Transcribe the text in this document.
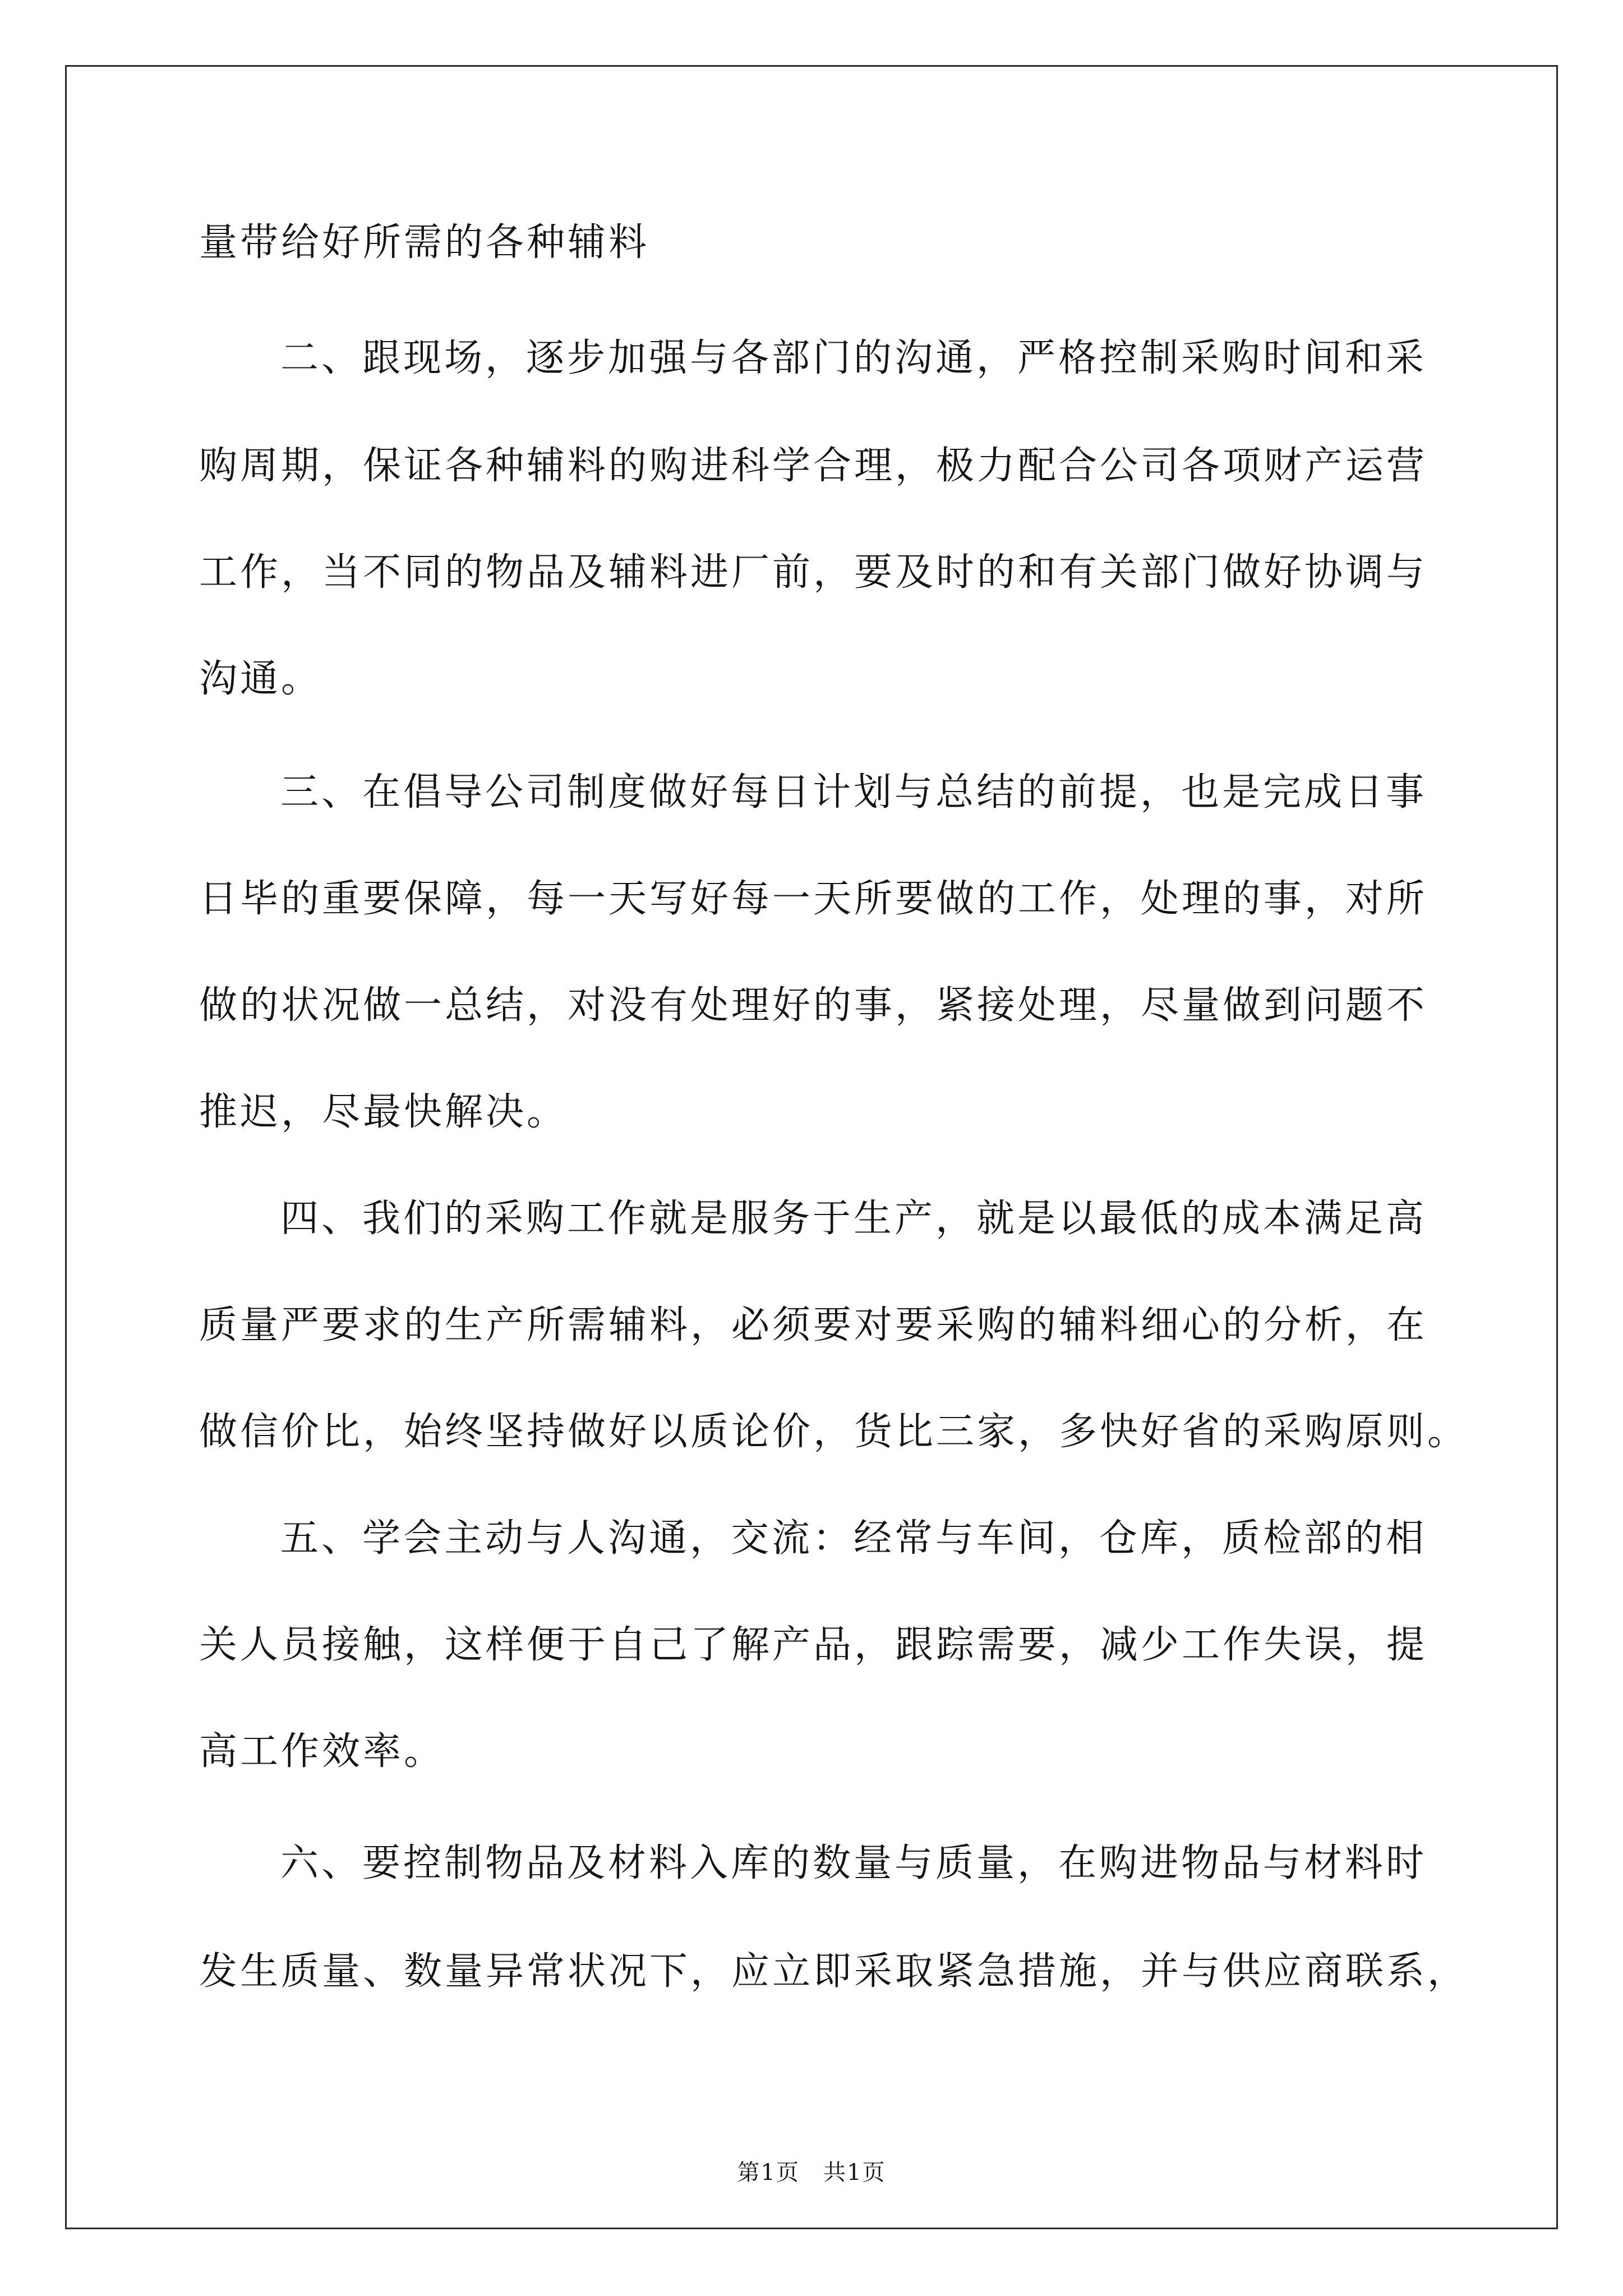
量带给好所需的各种辅料
二、跟现场，逐步加强与各部门的沟通，严格控制采购时间和采
购周期，保证各种辅料的购进科学合理，极力配合公司各项财产运营
工作，当不同的物品及辅料进厂前，要及时的和有关部门做好协调与
沟通。
三、在倡导公司制度做好每日计划与总结的前提，也是完成日事
日毕的重要保障，每一天写好每一天所要做的工作，处理的事，对所
做的状况做一总结，对没有处理好的事，紧接处理，尽量做到问题不
推迟，尽最快解决。
四、我们的采购工作就是服务于生产，就是以最低的成本满足高
质量严要求的生产所需辅料，必须要对要采购的辅料细心的分析，在
做信价比，始终坚持做好以质论价，货比三家，多快好省的采购原则。
五、学会主动与人沟通，交流：经常与车间，仓库，质检部的相
关人员接触，这样便于自己了解产品，跟踪需要，减少工作失误，提
高工作效率。
六、要控制物品及材料入库的数量与质量，在购进物品与材料时
发生质量、数量异常状况下，应立即采取紧急措施，并与供应商联系，
第1页　共1页
